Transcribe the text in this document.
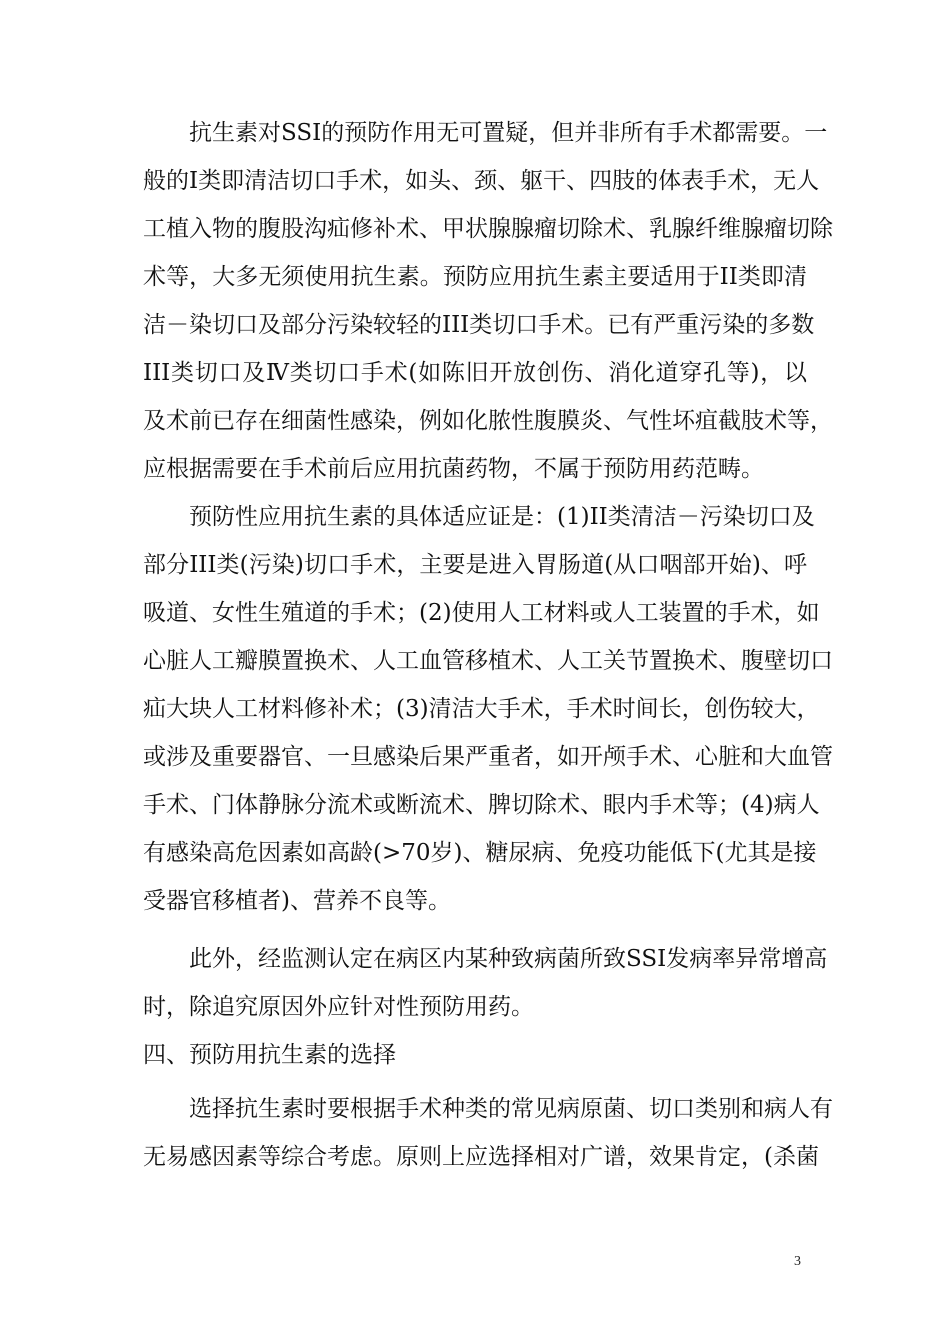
抗生素对SSI的预防作用无可置疑，但并非所有手术都需要。一
般的I类即清洁切口手术，如头、颈、躯干、四肢的体表手术，无人
工植入物的腹股沟疝修补术、甲状腺腺瘤切除术、乳腺纤维腺瘤切除
术等，大多无须使用抗生素。预防应用抗生素主要适用于II类即清
洁－染切口及部分污染较轻的III类切口手术。已有严重污染的多数
III类切口及Ⅳ类切口手术(如陈旧开放创伤、消化道穿孔等)，以
及术前已存在细菌性感染，例如化脓性腹膜炎、气性坏疽截肢术等，
应根据需要在手术前后应用抗菌药物，不属于预防用药范畴。
预防性应用抗生素的具体适应证是：(1)II类清洁－污染切口及
部分III类(污染)切口手术，主要是进入胃肠道(从口咽部开始)、呼
吸道、女性生殖道的手术；(2)使用人工材料或人工装置的手术，如
心脏人工瓣膜置换术、人工血管移植术、人工关节置换术、腹壁切口
疝大块人工材料修补术；(3)清洁大手术，手术时间长，创伤较大，
或涉及重要器官、一旦感染后果严重者，如开颅手术、心脏和大血管
手术、门体静脉分流术或断流术、脾切除术、眼内手术等；(4)病人
有感染高危因素如高龄(>70岁)、糖尿病、免疫功能低下(尤其是接
受器官移植者)、营养不良等。
此外，经监测认定在病区内某种致病菌所致SSI发病率异常增高
时，除追究原因外应针对性预防用药。
四、预防用抗生素的选择
选择抗生素时要根据手术种类的常见病原菌、切口类别和病人有
无易感因素等综合考虑。原则上应选择相对广谱，效果肯定，(杀菌
3
